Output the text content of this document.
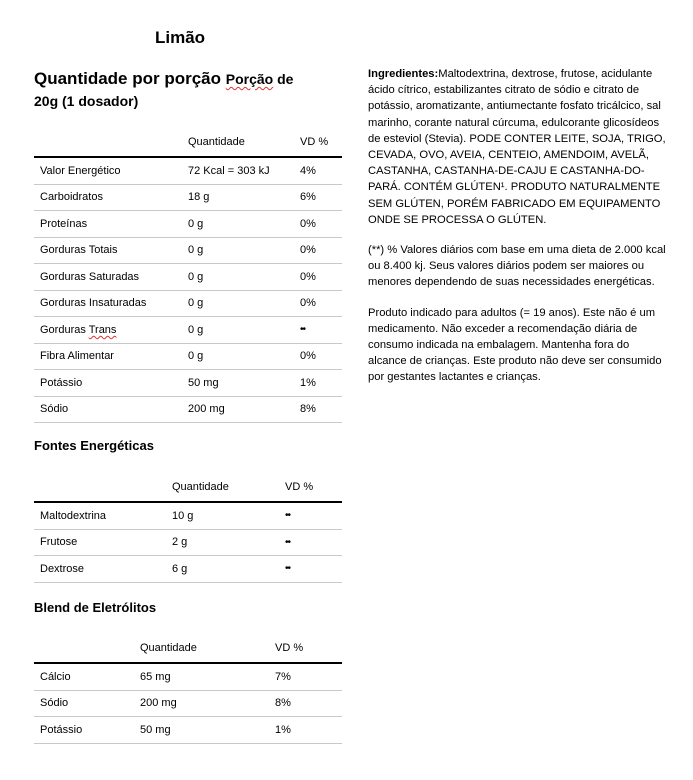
Limão
Quantidade por porção Porção de
20g (1 dosador)
	Quantidade	VD %
Valor Energético	72 Kcal = 303 kJ	4%
Carboidratos	18 g	6%
Proteínas	0 g	0%
Gorduras Totais	0 g	0%
Gorduras Saturadas	0 g	0%
Gorduras Insaturadas	0 g	0%
Gorduras Trans	0 g	••
Fibra Alimentar	0 g	0%
Potássio	50 mg	1%
Sódio	200 mg	8%
Fontes Energéticas
	Quantidade	VD %
Maltodextrina	10 g	••
Frutose	2 g	••
Dextrose	6 g	••
Blend de Eletrólitos
	Quantidade	VD %
Cálcio	65 mg	7%
Sódio	200 mg	8%
Potássio	50 mg	1%

Ingredientes:Maltodextrina, dextrose, frutose, acidulante ácido cítrico, estabilizantes citrato de sódio e citrato de potássio, aromatizante, antiumectante fosfato tricálcico, sal marinho, corante natural cúrcuma, edulcorante glicosídeos de esteviol (Stevia). PODE CONTER LEITE, SOJA, TRIGO, CEVADA, OVO, AVEIA, CENTEIO, AMENDOIM, AVELÃ, CASTANHA, CASTANHA-DE-CAJU E CASTANHA-DO-PARÁ. CONTÉM GLÚTEN¹. PRODUTO NATURALMENTE SEM GLÚTEN, PORÉM FABRICADO EM EQUIPAMENTO ONDE SE PROCESSA O GLÚTEN.

(**) % Valores diários com base em uma dieta de 2.000 kcal ou 8.400 kj. Seus valores diários podem ser maiores ou menores dependendo de suas necessidades energéticas.

Produto indicado para adultos (= 19 anos). Este não é um medicamento. Não exceder a recomendação diária de consumo indicada na embalagem. Mantenha fora do alcance de crianças. Este produto não deve ser consumido por gestantes lactantes e crianças.
